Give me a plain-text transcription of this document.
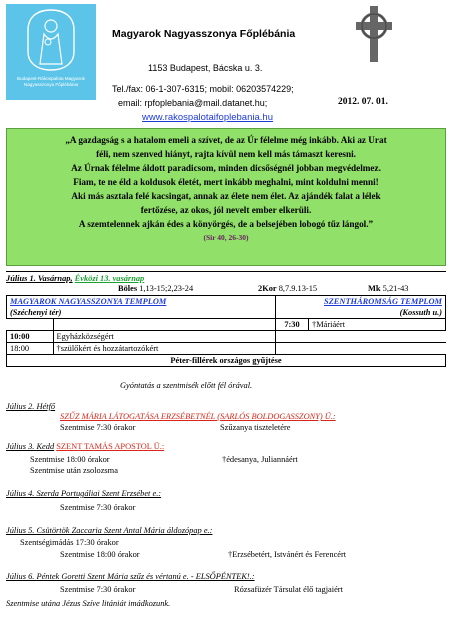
Budapest-Rákospalota Magyarok Nagyasszonya Főplébánia
Magyarok Nagyasszonya Főplébánia
1153 Budapest, Bácska u. 3.
Tel./fax: 06-1-307-6315; mobil: 06203574229;
email: rpfoplebania@mail.datanet.hu;
www.rakospalotaifoplebania.hu
2012. 07. 01.

„A gazdagság s a hatalom emeli a szívet, de az Úr félelme még inkább. Aki az Urat

féli, nem szenved hiányt, rajta kívül nem kell más támaszt keresni.

Az Úrnak félelme áldott paradicsom, minden dicsőségnél jobban megvédelmez.

Fiam, te ne éld a koldusok életét, mert inkább meghalni, mint koldulni menni!

Aki más asztala felé kacsingat, annak az élete nem élet. Az ajándék falat a lélek

fertőzése, az okos, jól nevelt ember elkerüli.

A szemtelennek ajkán édes a könyörgés, de a belsejében lobogó tűz lángol.”

(Sir 40, 26-30)

Július 1. Vasárnap, Évközi 13. vasárnap
Böles 1,13-15;2,23-24	2Kor 8,7.9.13-15	Mk 5,21-43
MAGYAROK NAGYASSZONYA TEMPLOM		SZENTHÁROMSÁG TEMPLOM	
(Széchenyi tér)		(Kossuth u.)	
		7:30	†Máriáért
10:00	Egyházközségért		
18:00	†szülőkért és hozzátartozókért		
Péter-fillérek országos gyűjtése			
Gyóntatás a szentmisék előtt fél órával.
Július 2. Hétfő
SZŰZ MÁRIA LÁTOGATÁSA ERZSÉBETNÉL (SARLÓS BOLDOGASSZONY) Ü.:
Szentmise 7:30 órakor	Szűzanya tiszteletére
Július 3. Kedd SZENT TAMÁS APOSTOL Ü.:
Szentmise 18:00 órakor	†édesanya, Juliannáért
Szentmise után zsolozsma
Július 4. Szerda Portugáliai Szent Erzsébet e.:
Szentmise 7:30 órakor
Július 5. Csütörtök Zaccaria Szent Antal Mária áldozópap e.:
Szentségimádás 17:30 órakor
Szentmise 18:00 órakor	†Erzsébetért, Istvánért és Ferencért
Július 6. Péntek Goretti Szent Mária szűz és vértanú e. - ELSŐPÉNTEK!.:
Szentmise 7:30 órakor	Rózsafüzér Társulat élő tagjaiért
Szentmise utána Jézus Szíve litániát imádkozunk.
